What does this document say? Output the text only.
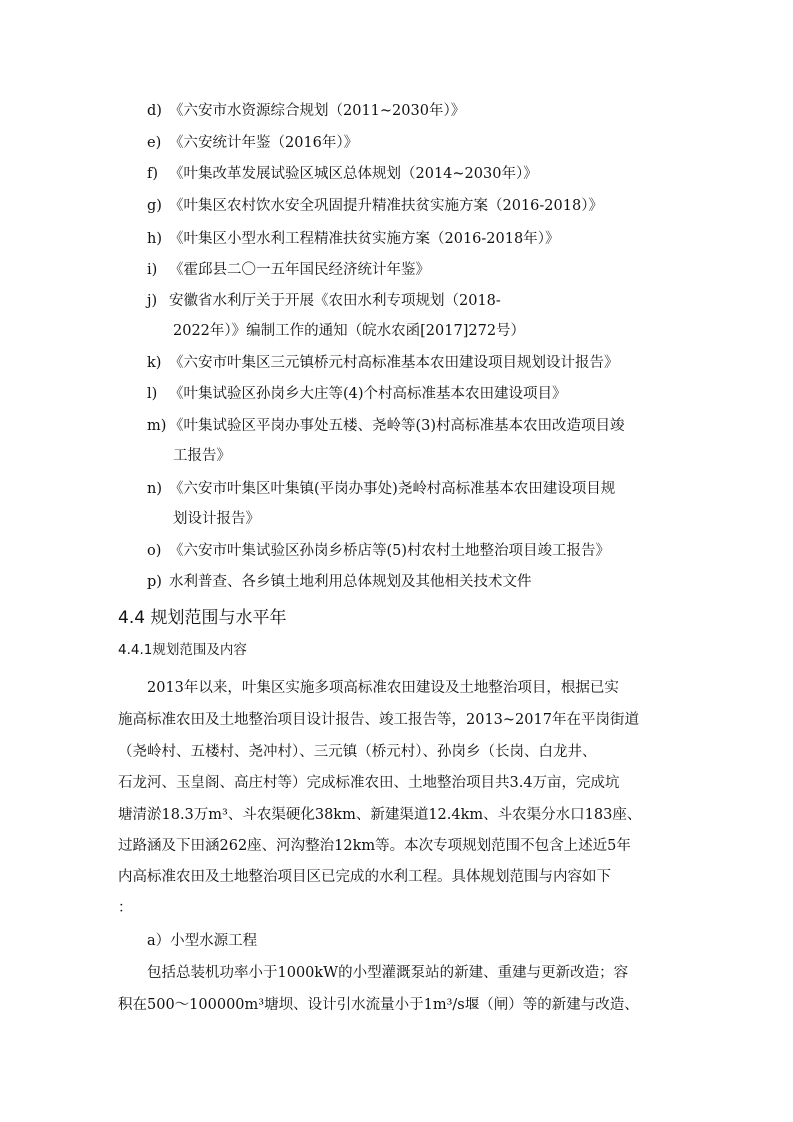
d) 《六安市水资源综合规划（2011~2030年）》
e) 《六安统计年鉴（2016年）》
f) 《叶集改革发展试验区城区总体规划（2014~2030年）》
g) 《叶集区农村饮水安全巩固提升精准扶贫实施方案（2016-2018）》
h) 《叶集区小型水利工程精准扶贫实施方案（2016-2018年）》
i) 《霍邱县二〇一五年国民经济统计年鉴》
j) 安徽省水利厅关于开展《农田水利专项规划（2018-
2022年）》编制工作的通知（皖水农函[2017]272号）
k) 《六安市叶集区三元镇桥元村高标准基本农田建设项目规划设计报告》
l) 《叶集试验区孙岗乡大庄等(4)个村高标准基本农田建设项目》
m) 《叶集试验区平岗办事处五楼、尧岭等(3)村高标准基本农田改造项目竣
工报告》
n) 《六安市叶集区叶集镇(平岗办事处)尧岭村高标准基本农田建设项目规
划设计报告》
o) 《六安市叶集试验区孙岗乡桥店等(5)村农村土地整治项目竣工报告》
p) 水利普查、各乡镇土地利用总体规划及其他相关技术文件
4.4 规划范围与水平年
4.4.1规划范围及内容
2013年以来，叶集区实施多项高标准农田建设及土地整治项目，根据已实
施高标准农田及土地整治项目设计报告、竣工报告等，2013~2017年在平岗街道
（尧岭村、五楼村、尧冲村）、三元镇（桥元村）、孙岗乡（长岗、白龙井、
石龙河、玉皇阁、高庄村等）完成标准农田、土地整治项目共3.4万亩，完成坑
塘清淤18.3万m³、斗农渠硬化38km、新建渠道12.4km、斗农渠分水口183座、
过路涵及下田涵262座、河沟整治12km等。本次专项规划范围不包含上述近5年
内高标准农田及土地整治项目区已完成的水利工程。具体规划范围与内容如下
：
a）小型水源工程
包括总装机功率小于1000kW的小型灌溉泵站的新建、重建与更新改造；容
积在500～100000m³塘坝、设计引水流量小于1m³/s堰（闸）等的新建与改造、
